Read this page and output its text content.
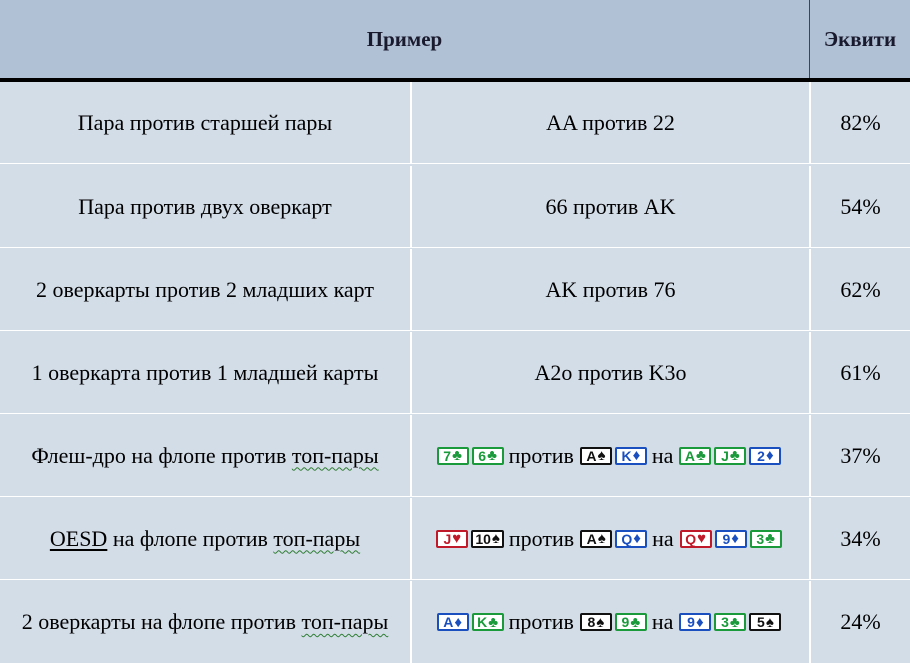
Пример	Эквити
Пара против старшей пары	AA против 22	82%
Пара против двух оверкарт	66 против AK	54%
2 оверкарты против 2 младших карт	AK против 76	62%
1 оверкарта против 1 младшей карты	A2o против K3o	61%
Флеш-дро на флопе против топ-пары	7 ♣ 6 ♣ против A ♠ K ♦ на A ♣ J ♣ 2 ♦	37%
OESD на флопе против топ-пары	J ♥ 10 ♠ против A ♠ Q ♦ на Q ♥ 9 ♦ 3 ♣	34%
2 оверкарты на флопе против топ-пары	A ♦ K ♣ против 8 ♠ 9 ♣ на 9 ♦ 3 ♣ 5 ♠	24%
